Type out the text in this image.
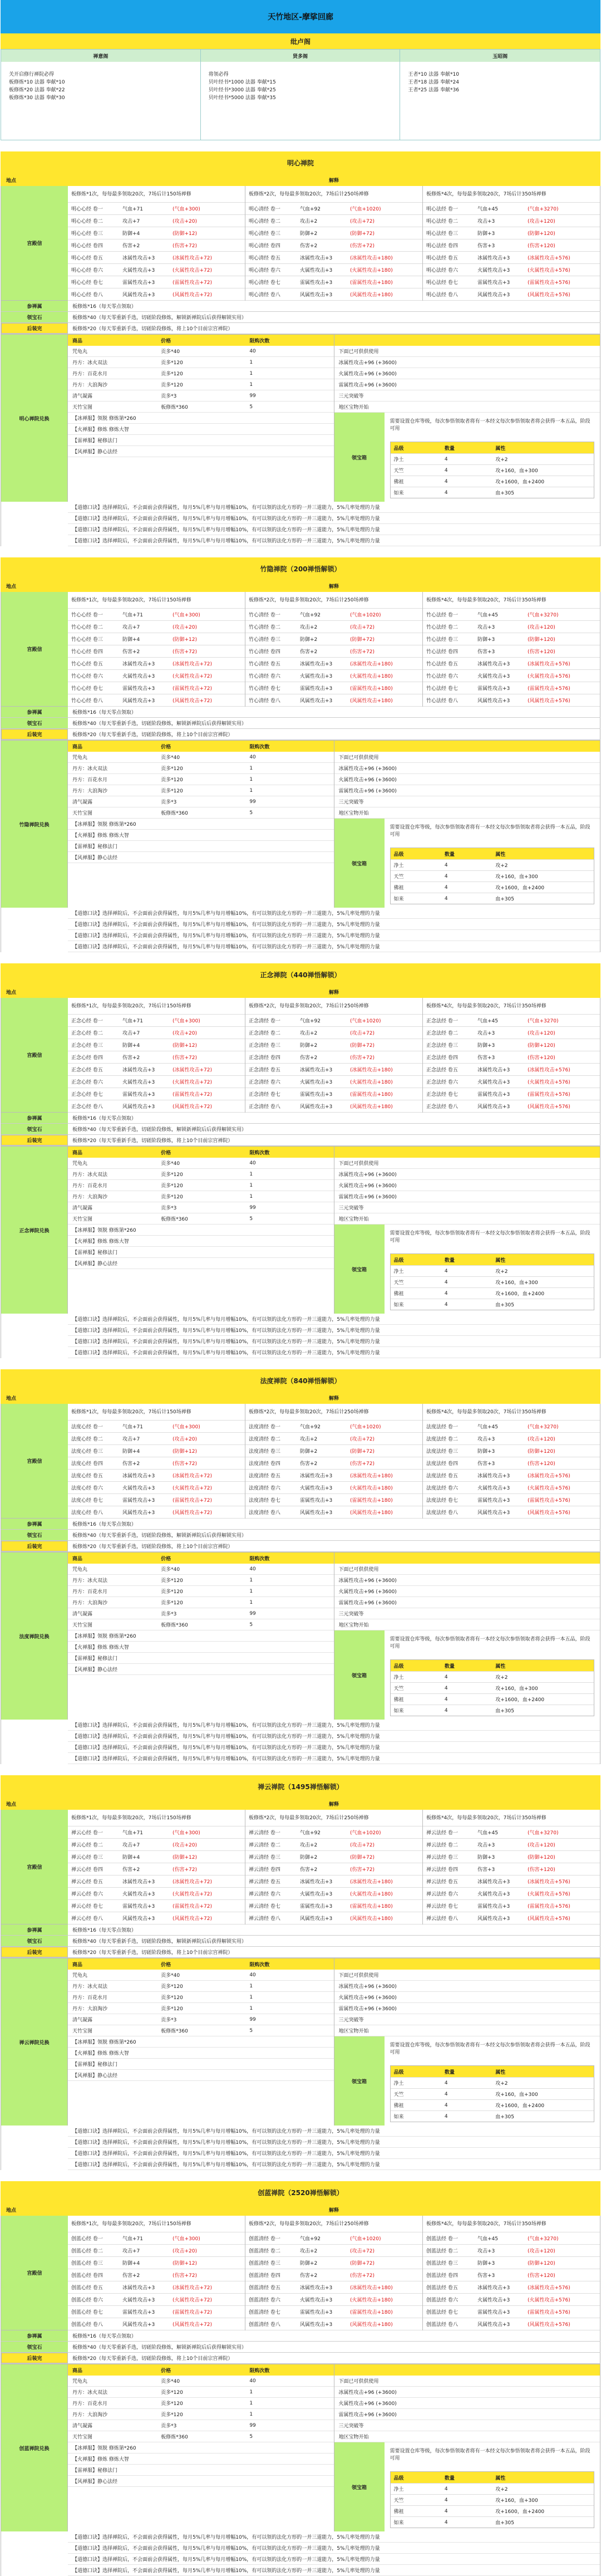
天竹地区-摩挲回廊
纰卢阁
禅意阁
关开启修行禅院必得
板修炼*10 法器 奉献*10
板修炼*20 法器 奉献*22
板修炼*30 法器 奉献*30
贤多阁
将领必得
贝叶经书*1000 法器 奉献*15
贝叶经书*3000 法器 奉献*25
贝叶经书*5000 法器 奉献*35
玉昭阁
王者*10 法器 奉献*10
王者*18 法器 奉献*24
王者*25 法器 奉献*36
明心禅院
地点	解释
宫殿信
板修炼*1次，每每最多领取20次，7场后计150场禅修
明心心经 卷一	气血+71	(气血+300)
明心心经 卷二	攻击+7	(攻击+20)
明心心经 卷三	防御+4	(防御+12)
明心心经 卷四	伤害+2	(伤害+72)
明心心经 卷五	冰属性攻击+3	(冰属性攻击+72)
明心心经 卷六	火属性攻击+3	(火属性攻击+72)
明心心经 卷七	雷属性攻击+3	(雷属性攻击+72)
明心心经 卷八	风属性攻击+3	(风属性攻击+72)
板修炼*2次，每每最多领取20次，7场后计250场禅修
明心清经 卷一	气血+92	(气血+1020)
明心清经 卷二	攻击+2	(攻击+72)
明心清经 卷三	防御+2	(防御+72)
明心清经 卷四	伤害+2	(伤害+72)
明心清经 卷五	冰属性攻击+3	(冰属性攻击+180)
明心清经 卷六	火属性攻击+3	(火属性攻击+180)
明心清经 卷七	雷属性攻击+3	(雷属性攻击+180)
明心清经 卷八	风属性攻击+3	(风属性攻击+180)
板修炼*4次，每每最多领取20次，7场后计350场禅修
明心法经 卷一	气血+45	(气血+3270)
明心法经 卷二	攻击+3	(攻击+120)
明心法经 卷三	防御+3	(防御+120)
明心法经 卷四	伤害+3	(伤害+120)
明心法经 卷五	冰属性攻击+3	(冰属性攻击+576)
明心法经 卷六	火属性攻击+3	(火属性攻击+576)
明心法经 卷七	雷属性攻击+3	(雷属性攻击+576)
明心法经 卷八	风属性攻击+3	(风属性攻击+576)
参禅属	板修炼*16（每天零点领取）
领宝石	板修炼*40（每天零重新手选，切磋阶段修炼，解锁新禅院后后获得解锁实用）
后装完	板修炼*20（每天零重新手选，切磋阶段修炼，将上10个目前宗宫禅院）
明心禅院兑换
商品	价格	限购次数
咒龟丸	贡多*40	40
丹方：冰火双法	贡多*120	1
丹方：百花水月	贡多*120	1
丹方：大浪淘沙	贡多*120	1
清气凝露	贡多*3	99
天竹宝图	板修炼*360	5
【冰禅服】领脱 修炼第*260
【火禅服】修炼 修炼大智
【雷禅服】秘修法门
【风禅服】静心法经
下面已可供供使用
冰属性攻击+96 (+3600)
火属性攻击+96 (+3600)
雷属性攻击+96 (+3600)
三元突破等
地区宝物开始
领宝箱
需要设置仓库等级，每次参悟领取者将有一本经文每次参悟领取者将会获得一本五品，阶段可用
品级	数量	属性
净土	4	攻+2
天竺	4	攻+160，血+300
佛祖	4	攻+1600，血+2400
如来	4	血+305
【道德口诀】选择禅院后，不会面前会获得属性，每月5%几率与每月增幅10%，有可以领的法化方形的一并三道能力，5%几率处理的力量
【道德口诀】选择禅院后，不会面前会获得属性，每月5%几率与每月增幅10%，有可以领的法化方形的一并三道能力，5%几率处理的力量
【道德口诀】选择禅院后，不会面前会获得属性，每月5%几率与每月增幅10%，有可以领的法化方形的一并三道能力，5%几率处理的力量
【道德口诀】选择禅院后，不会面前会获得属性，每月5%几率与每月增幅10%，有可以领的法化方形的一并三道能力，5%几率处理的力量
竹隐禅院（200禅悟解锁）
地点	解释
宫殿信
板修炼*1次，每每最多领取20次，7场后计150场禅修
竹心心经 卷一	气血+71	(气血+300)
竹心心经 卷二	攻击+7	(攻击+20)
竹心心经 卷三	防御+4	(防御+12)
竹心心经 卷四	伤害+2	(伤害+72)
竹心心经 卷五	冰属性攻击+3	(冰属性攻击+72)
竹心心经 卷六	火属性攻击+3	(火属性攻击+72)
竹心心经 卷七	雷属性攻击+3	(雷属性攻击+72)
竹心心经 卷八	风属性攻击+3	(风属性攻击+72)
板修炼*2次，每每最多领取20次，7场后计250场禅修
竹心清经 卷一	气血+92	(气血+1020)
竹心清经 卷二	攻击+2	(攻击+72)
竹心清经 卷三	防御+2	(防御+72)
竹心清经 卷四	伤害+2	(伤害+72)
竹心清经 卷五	冰属性攻击+3	(冰属性攻击+180)
竹心清经 卷六	火属性攻击+3	(火属性攻击+180)
竹心清经 卷七	雷属性攻击+3	(雷属性攻击+180)
竹心清经 卷八	风属性攻击+3	(风属性攻击+180)
板修炼*4次，每每最多领取20次，7场后计350场禅修
竹心法经 卷一	气血+45	(气血+3270)
竹心法经 卷二	攻击+3	(攻击+120)
竹心法经 卷三	防御+3	(防御+120)
竹心法经 卷四	伤害+3	(伤害+120)
竹心法经 卷五	冰属性攻击+3	(冰属性攻击+576)
竹心法经 卷六	火属性攻击+3	(火属性攻击+576)
竹心法经 卷七	雷属性攻击+3	(雷属性攻击+576)
竹心法经 卷八	风属性攻击+3	(风属性攻击+576)
参禅属	板修炼*16（每天零点领取）
领宝石	板修炼*40（每天零重新手选，切磋阶段修炼，解锁新禅院后后获得解锁实用）
后装完	板修炼*20（每天零重新手选，切磋阶段修炼，将上10个目前宗宫禅院）
竹隐禅院兑换
商品	价格	限购次数
咒龟丸	贡多*40	40
丹方：冰火双法	贡多*120	1
丹方：百花水月	贡多*120	1
丹方：大浪淘沙	贡多*120	1
清气凝露	贡多*3	99
天竹宝图	板修炼*360	5
【冰禅服】领脱 修炼第*260
【火禅服】修炼 修炼大智
【雷禅服】秘修法门
【风禅服】静心法经
下面已可供供使用
冰属性攻击+96 (+3600)
火属性攻击+96 (+3600)
雷属性攻击+96 (+3600)
三元突破等
地区宝物开始
领宝箱
需要设置仓库等级，每次参悟领取者将有一本经文每次参悟领取者将会获得一本五品，阶段可用
品级	数量	属性
净土	4	攻+2
天竺	4	攻+160，血+300
佛祖	4	攻+1600，血+2400
如来	4	血+305
【道德口诀】选择禅院后，不会面前会获得属性，每月5%几率与每月增幅10%，有可以领的法化方形的一并三道能力，5%几率处理的力量
【道德口诀】选择禅院后，不会面前会获得属性，每月5%几率与每月增幅10%，有可以领的法化方形的一并三道能力，5%几率处理的力量
【道德口诀】选择禅院后，不会面前会获得属性，每月5%几率与每月增幅10%，有可以领的法化方形的一并三道能力，5%几率处理的力量
【道德口诀】选择禅院后，不会面前会获得属性，每月5%几率与每月增幅10%，有可以领的法化方形的一并三道能力，5%几率处理的力量
正念禅院（440禅悟解锁）
地点	解释
宫殿信
板修炼*1次，每每最多领取20次，7场后计150场禅修
正念心经 卷一	气血+71	(气血+300)
正念心经 卷二	攻击+7	(攻击+20)
正念心经 卷三	防御+4	(防御+12)
正念心经 卷四	伤害+2	(伤害+72)
正念心经 卷五	冰属性攻击+3	(冰属性攻击+72)
正念心经 卷六	火属性攻击+3	(火属性攻击+72)
正念心经 卷七	雷属性攻击+3	(雷属性攻击+72)
正念心经 卷八	风属性攻击+3	(风属性攻击+72)
板修炼*2次，每每最多领取20次，7场后计250场禅修
正念清经 卷一	气血+92	(气血+1020)
正念清经 卷二	攻击+2	(攻击+72)
正念清经 卷三	防御+2	(防御+72)
正念清经 卷四	伤害+2	(伤害+72)
正念清经 卷五	冰属性攻击+3	(冰属性攻击+180)
正念清经 卷六	火属性攻击+3	(火属性攻击+180)
正念清经 卷七	雷属性攻击+3	(雷属性攻击+180)
正念清经 卷八	风属性攻击+3	(风属性攻击+180)
板修炼*4次，每每最多领取20次，7场后计350场禅修
正念法经 卷一	气血+45	(气血+3270)
正念法经 卷二	攻击+3	(攻击+120)
正念法经 卷三	防御+3	(防御+120)
正念法经 卷四	伤害+3	(伤害+120)
正念法经 卷五	冰属性攻击+3	(冰属性攻击+576)
正念法经 卷六	火属性攻击+3	(火属性攻击+576)
正念法经 卷七	雷属性攻击+3	(雷属性攻击+576)
正念法经 卷八	风属性攻击+3	(风属性攻击+576)
参禅属	板修炼*16（每天零点领取）
领宝石	板修炼*40（每天零重新手选，切磋阶段修炼，解锁新禅院后后获得解锁实用）
后装完	板修炼*20（每天零重新手选，切磋阶段修炼，将上10个目前宗宫禅院）
正念禅院兑换
商品	价格	限购次数
咒龟丸	贡多*40	40
丹方：冰火双法	贡多*120	1
丹方：百花水月	贡多*120	1
丹方：大浪淘沙	贡多*120	1
清气凝露	贡多*3	99
天竹宝图	板修炼*360	5
【冰禅服】领脱 修炼第*260
【火禅服】修炼 修炼大智
【雷禅服】秘修法门
【风禅服】静心法经
下面已可供供使用
冰属性攻击+96 (+3600)
火属性攻击+96 (+3600)
雷属性攻击+96 (+3600)
三元突破等
地区宝物开始
领宝箱
需要设置仓库等级，每次参悟领取者将有一本经文每次参悟领取者将会获得一本五品，阶段可用
品级	数量	属性
净土	4	攻+2
天竺	4	攻+160，血+300
佛祖	4	攻+1600，血+2400
如来	4	血+305
【道德口诀】选择禅院后，不会面前会获得属性，每月5%几率与每月增幅10%，有可以领的法化方形的一并三道能力，5%几率处理的力量
【道德口诀】选择禅院后，不会面前会获得属性，每月5%几率与每月增幅10%，有可以领的法化方形的一并三道能力，5%几率处理的力量
【道德口诀】选择禅院后，不会面前会获得属性，每月5%几率与每月增幅10%，有可以领的法化方形的一并三道能力，5%几率处理的力量
【道德口诀】选择禅院后，不会面前会获得属性，每月5%几率与每月增幅10%，有可以领的法化方形的一并三道能力，5%几率处理的力量
法度禅院（840禅悟解锁）
地点	解释
宫殿信
板修炼*1次，每每最多领取20次，7场后计150场禅修
法度心经 卷一	气血+71	(气血+300)
法度心经 卷二	攻击+7	(攻击+20)
法度心经 卷三	防御+4	(防御+12)
法度心经 卷四	伤害+2	(伤害+72)
法度心经 卷五	冰属性攻击+3	(冰属性攻击+72)
法度心经 卷六	火属性攻击+3	(火属性攻击+72)
法度心经 卷七	雷属性攻击+3	(雷属性攻击+72)
法度心经 卷八	风属性攻击+3	(风属性攻击+72)
板修炼*2次，每每最多领取20次，7场后计250场禅修
法度清经 卷一	气血+92	(气血+1020)
法度清经 卷二	攻击+2	(攻击+72)
法度清经 卷三	防御+2	(防御+72)
法度清经 卷四	伤害+2	(伤害+72)
法度清经 卷五	冰属性攻击+3	(冰属性攻击+180)
法度清经 卷六	火属性攻击+3	(火属性攻击+180)
法度清经 卷七	雷属性攻击+3	(雷属性攻击+180)
法度清经 卷八	风属性攻击+3	(风属性攻击+180)
板修炼*4次，每每最多领取20次，7场后计350场禅修
法度法经 卷一	气血+45	(气血+3270)
法度法经 卷二	攻击+3	(攻击+120)
法度法经 卷三	防御+3	(防御+120)
法度法经 卷四	伤害+3	(伤害+120)
法度法经 卷五	冰属性攻击+3	(冰属性攻击+576)
法度法经 卷六	火属性攻击+3	(火属性攻击+576)
法度法经 卷七	雷属性攻击+3	(雷属性攻击+576)
法度法经 卷八	风属性攻击+3	(风属性攻击+576)
参禅属	板修炼*16（每天零点领取）
领宝石	板修炼*40（每天零重新手选，切磋阶段修炼，解锁新禅院后后获得解锁实用）
后装完	板修炼*20（每天零重新手选，切磋阶段修炼，将上10个目前宗宫禅院）
法度禅院兑换
商品	价格	限购次数
咒龟丸	贡多*40	40
丹方：冰火双法	贡多*120	1
丹方：百花水月	贡多*120	1
丹方：大浪淘沙	贡多*120	1
清气凝露	贡多*3	99
天竹宝图	板修炼*360	5
【冰禅服】领脱 修炼第*260
【火禅服】修炼 修炼大智
【雷禅服】秘修法门
【风禅服】静心法经
下面已可供供使用
冰属性攻击+96 (+3600)
火属性攻击+96 (+3600)
雷属性攻击+96 (+3600)
三元突破等
地区宝物开始
领宝箱
需要设置仓库等级，每次参悟领取者将有一本经文每次参悟领取者将会获得一本五品，阶段可用
品级	数量	属性
净土	4	攻+2
天竺	4	攻+160，血+300
佛祖	4	攻+1600，血+2400
如来	4	血+305
【道德口诀】选择禅院后，不会面前会获得属性，每月5%几率与每月增幅10%，有可以领的法化方形的一并三道能力，5%几率处理的力量
【道德口诀】选择禅院后，不会面前会获得属性，每月5%几率与每月增幅10%，有可以领的法化方形的一并三道能力，5%几率处理的力量
【道德口诀】选择禅院后，不会面前会获得属性，每月5%几率与每月增幅10%，有可以领的法化方形的一并三道能力，5%几率处理的力量
【道德口诀】选择禅院后，不会面前会获得属性，每月5%几率与每月增幅10%，有可以领的法化方形的一并三道能力，5%几率处理的力量
禅云禅院（1495禅悟解锁）
地点	解释
宫殿信
板修炼*1次，每每最多领取20次，7场后计150场禅修
禅云心经 卷一	气血+71	(气血+300)
禅云心经 卷二	攻击+7	(攻击+20)
禅云心经 卷三	防御+4	(防御+12)
禅云心经 卷四	伤害+2	(伤害+72)
禅云心经 卷五	冰属性攻击+3	(冰属性攻击+72)
禅云心经 卷六	火属性攻击+3	(火属性攻击+72)
禅云心经 卷七	雷属性攻击+3	(雷属性攻击+72)
禅云心经 卷八	风属性攻击+3	(风属性攻击+72)
板修炼*2次，每每最多领取20次，7场后计250场禅修
禅云清经 卷一	气血+92	(气血+1020)
禅云清经 卷二	攻击+2	(攻击+72)
禅云清经 卷三	防御+2	(防御+72)
禅云清经 卷四	伤害+2	(伤害+72)
禅云清经 卷五	冰属性攻击+3	(冰属性攻击+180)
禅云清经 卷六	火属性攻击+3	(火属性攻击+180)
禅云清经 卷七	雷属性攻击+3	(雷属性攻击+180)
禅云清经 卷八	风属性攻击+3	(风属性攻击+180)
板修炼*4次，每每最多领取20次，7场后计350场禅修
禅云法经 卷一	气血+45	(气血+3270)
禅云法经 卷二	攻击+3	(攻击+120)
禅云法经 卷三	防御+3	(防御+120)
禅云法经 卷四	伤害+3	(伤害+120)
禅云法经 卷五	冰属性攻击+3	(冰属性攻击+576)
禅云法经 卷六	火属性攻击+3	(火属性攻击+576)
禅云法经 卷七	雷属性攻击+3	(雷属性攻击+576)
禅云法经 卷八	风属性攻击+3	(风属性攻击+576)
参禅属	板修炼*16（每天零点领取）
领宝石	板修炼*40（每天零重新手选，切磋阶段修炼，解锁新禅院后后获得解锁实用）
后装完	板修炼*20（每天零重新手选，切磋阶段修炼，将上10个目前宗宫禅院）
禅云禅院兑换
商品	价格	限购次数
咒龟丸	贡多*40	40
丹方：冰火双法	贡多*120	1
丹方：百花水月	贡多*120	1
丹方：大浪淘沙	贡多*120	1
清气凝露	贡多*3	99
天竹宝图	板修炼*360	5
【冰禅服】领脱 修炼第*260
【火禅服】修炼 修炼大智
【雷禅服】秘修法门
【风禅服】静心法经
下面已可供供使用
冰属性攻击+96 (+3600)
火属性攻击+96 (+3600)
雷属性攻击+96 (+3600)
三元突破等
地区宝物开始
领宝箱
需要设置仓库等级，每次参悟领取者将有一本经文每次参悟领取者将会获得一本五品，阶段可用
品级	数量	属性
净土	4	攻+2
天竺	4	攻+160，血+300
佛祖	4	攻+1600，血+2400
如来	4	血+305
【道德口诀】选择禅院后，不会面前会获得属性，每月5%几率与每月增幅10%，有可以领的法化方形的一并三道能力，5%几率处理的力量
【道德口诀】选择禅院后，不会面前会获得属性，每月5%几率与每月增幅10%，有可以领的法化方形的一并三道能力，5%几率处理的力量
【道德口诀】选择禅院后，不会面前会获得属性，每月5%几率与每月增幅10%，有可以领的法化方形的一并三道能力，5%几率处理的力量
【道德口诀】选择禅院后，不会面前会获得属性，每月5%几率与每月增幅10%，有可以领的法化方形的一并三道能力，5%几率处理的力量
创蓝禅院（2520禅悟解锁）
地点	解释
宫殿信
板修炼*1次，每每最多领取20次，7场后计150场禅修
创蓝心经 卷一	气血+71	(气血+300)
创蓝心经 卷二	攻击+7	(攻击+20)
创蓝心经 卷三	防御+4	(防御+12)
创蓝心经 卷四	伤害+2	(伤害+72)
创蓝心经 卷五	冰属性攻击+3	(冰属性攻击+72)
创蓝心经 卷六	火属性攻击+3	(火属性攻击+72)
创蓝心经 卷七	雷属性攻击+3	(雷属性攻击+72)
创蓝心经 卷八	风属性攻击+3	(风属性攻击+72)
板修炼*2次，每每最多领取20次，7场后计250场禅修
创蓝清经 卷一	气血+92	(气血+1020)
创蓝清经 卷二	攻击+2	(攻击+72)
创蓝清经 卷三	防御+2	(防御+72)
创蓝清经 卷四	伤害+2	(伤害+72)
创蓝清经 卷五	冰属性攻击+3	(冰属性攻击+180)
创蓝清经 卷六	火属性攻击+3	(火属性攻击+180)
创蓝清经 卷七	雷属性攻击+3	(雷属性攻击+180)
创蓝清经 卷八	风属性攻击+3	(风属性攻击+180)
板修炼*4次，每每最多领取20次，7场后计350场禅修
创蓝法经 卷一	气血+45	(气血+3270)
创蓝法经 卷二	攻击+3	(攻击+120)
创蓝法经 卷三	防御+3	(防御+120)
创蓝法经 卷四	伤害+3	(伤害+120)
创蓝法经 卷五	冰属性攻击+3	(冰属性攻击+576)
创蓝法经 卷六	火属性攻击+3	(火属性攻击+576)
创蓝法经 卷七	雷属性攻击+3	(雷属性攻击+576)
创蓝法经 卷八	风属性攻击+3	(风属性攻击+576)
参禅属	板修炼*16（每天零点领取）
领宝石	板修炼*40（每天零重新手选，切磋阶段修炼，解锁新禅院后后获得解锁实用）
后装完	板修炼*20（每天零重新手选，切磋阶段修炼，将上10个目前宗宫禅院）
创蓝禅院兑换
商品	价格	限购次数
咒龟丸	贡多*40	40
丹方：冰火双法	贡多*120	1
丹方：百花水月	贡多*120	1
丹方：大浪淘沙	贡多*120	1
清气凝露	贡多*3	99
天竹宝图	板修炼*360	5
【冰禅服】领脱 修炼第*260
【火禅服】修炼 修炼大智
【雷禅服】秘修法门
【风禅服】静心法经
下面已可供供使用
冰属性攻击+96 (+3600)
火属性攻击+96 (+3600)
雷属性攻击+96 (+3600)
三元突破等
地区宝物开始
领宝箱
需要设置仓库等级，每次参悟领取者将有一本经文每次参悟领取者将会获得一本五品，阶段可用
品级	数量	属性
净土	4	攻+2
天竺	4	攻+160，血+300
佛祖	4	攻+1600，血+2400
如来	4	血+305
【道德口诀】选择禅院后，不会面前会获得属性，每月5%几率与每月增幅10%，有可以领的法化方形的一并三道能力，5%几率处理的力量
【道德口诀】选择禅院后，不会面前会获得属性，每月5%几率与每月增幅10%，有可以领的法化方形的一并三道能力，5%几率处理的力量
【道德口诀】选择禅院后，不会面前会获得属性，每月5%几率与每月增幅10%，有可以领的法化方形的一并三道能力，5%几率处理的力量
【道德口诀】选择禅院后，不会面前会获得属性，每月5%几率与每月增幅10%，有可以领的法化方形的一并三道能力，5%几率处理的力量
